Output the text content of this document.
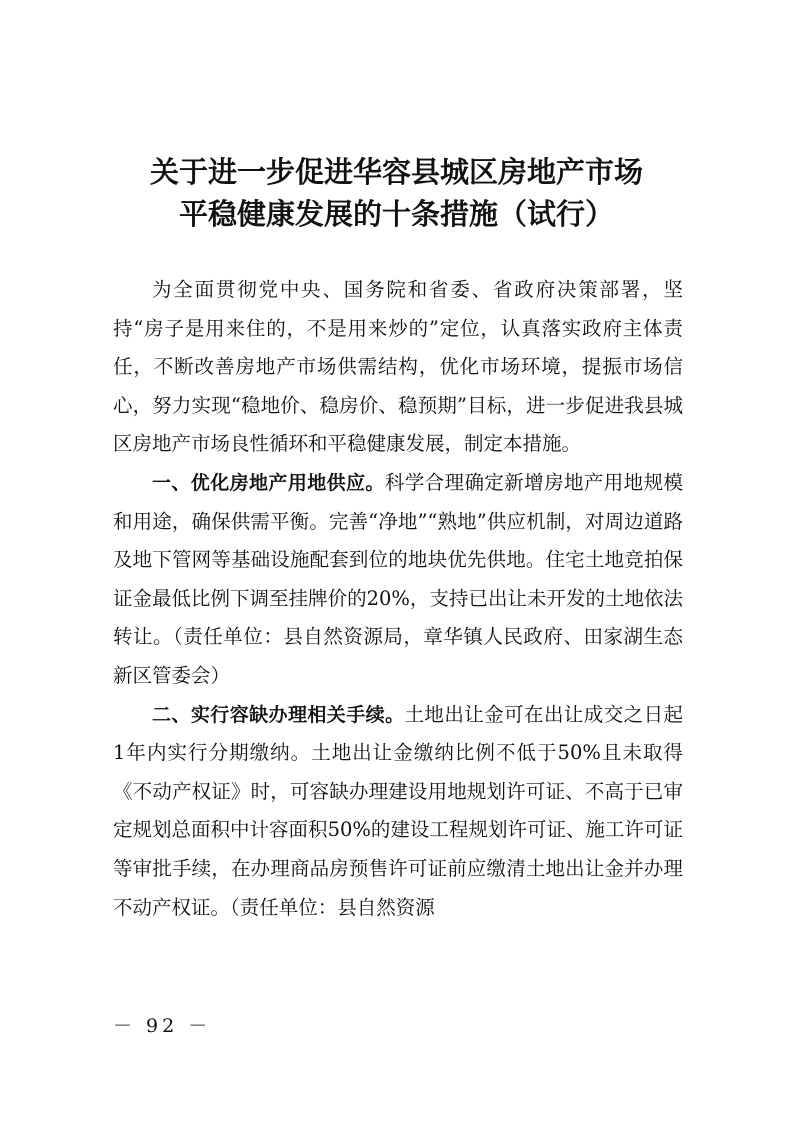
关于进一步促进华容县城区房地产市场
平稳健康发展的十条措施（试行）

为全面贯彻党中央、国务院和省委、省政府决策部署，坚持“房子是用来住的，不是用来炒的”定位，认真落实政府主体责任，不断改善房地产市场供需结构，优化市场环境，提振市场信心，努力实现“稳地价、稳房价、稳预期”目标，进一步促进我县城区房地产市场良性循环和平稳健康发展，制定本措施。

一、优化房地产用地供应。科学合理确定新增房地产用地规模和用途，确保供需平衡。完善“净地”“熟地”供应机制，对周边道路及地下管网等基础设施配套到位的地块优先供地。住宅土地竞拍保证金最低比例下调至挂牌价的20%，支持已出让未开发的土地依法转让。（责任单位：县自然资源局，章华镇人民政府、田家湖生态新区管委会）

二、实行容缺办理相关手续。土地出让金可在出让成交之日起1年内实行分期缴纳。土地出让金缴纳比例不低于50%且未取得《不动产权证》时，可容缺办理建设用地规划许可证、不高于已审定规划总面积中计容面积50%的建设工程规划许可证、施工许可证等审批手续，在办理商品房预售许可证前应缴清土地出让金并办理不动产权证。（责任单位：县自然资源

－ 92 －
